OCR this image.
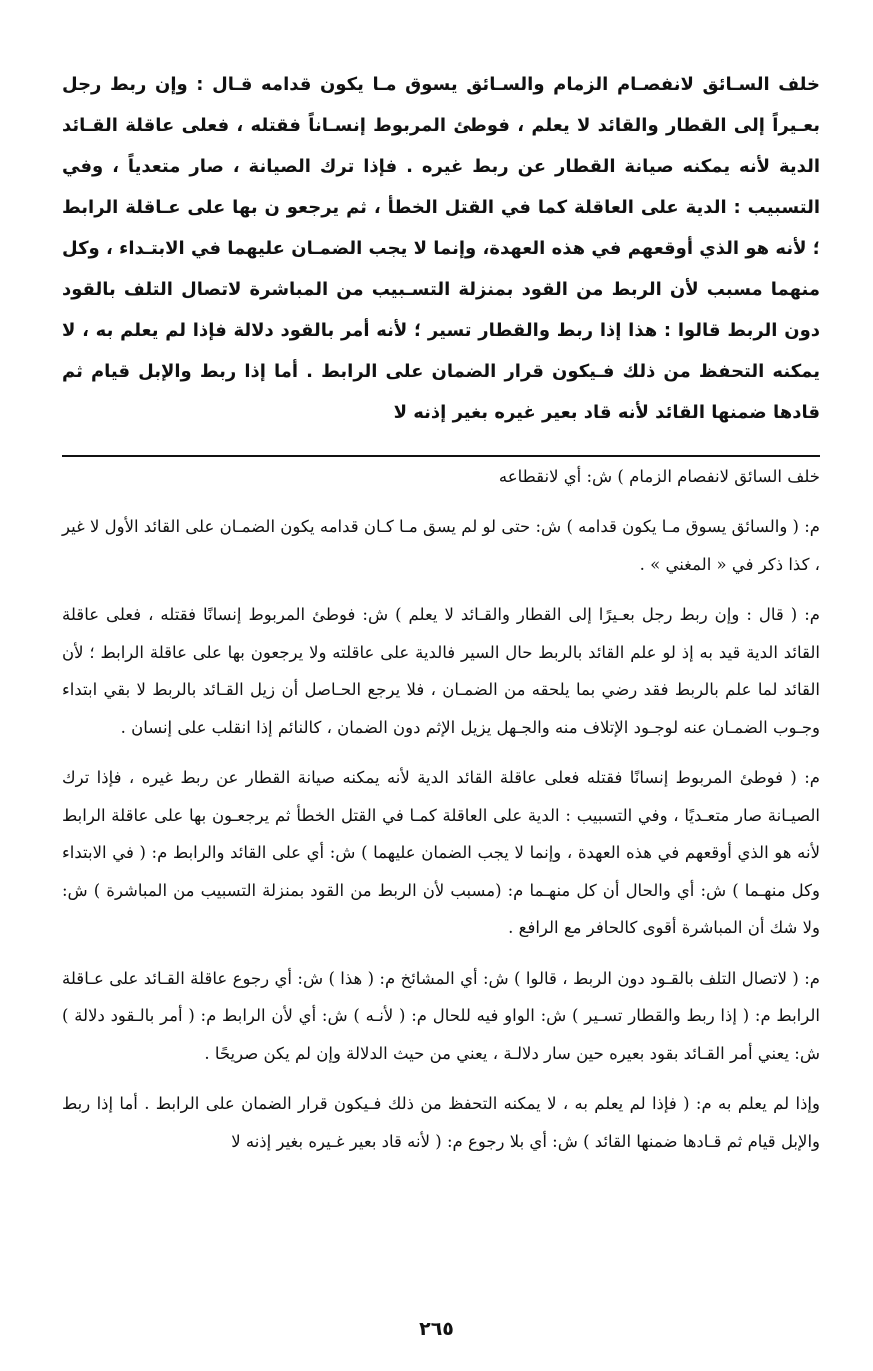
خلف السـائق لانفصـام الزمام والسـائق يسوق مـا يكون قدامه قـال : وإن ربط رجل بعـيراً إلى القطار والقائد لا يعلم ، فوطئ المربوط إنسـاناً فقتله ، فعلى عاقلة القـائد الدية لأنه يمكنه صيانة القطار عن ربط غيره . فإذا ترك الصيانة ، صار متعدياً ، وفي التسبيب : الدية على العاقلة كما في القتل الخطأ ، ثم يرجعو ن بها على عـاقلة الرابط ؛ لأنه هو الذي أوقعهم في هذه العهدة، وإنما لا يجب الضمـان عليهما في الابتـداء ، وكل منهما مسبب لأن الربط من القود بمنزلة التسـبيب من المباشرة لاتصال التلف بالقود دون الربط قالوا : هذا إذا ربط والقطار تسير ؛ لأنه أمر بالقود دلالة فإذا لم يعلم به ، لا يمكنه التحفظ من ذلك فـيكون قرار الضمان على الرابط . أما إذا ربط والإبل قيام ثم قادها ضمنها القائد لأنه قاد بعير غيره بغير إذنه لا

خلف السائق لانفصام الزمام ) ش: أي لانقطاعه

م: ( والسائق يسوق مـا يكون قدامه ) ش: حتى لو لم يسق مـا كـان قدامه يكون الضمـان على القائد الأول لا غير ، كذا ذكر في « المغني » .

م: ( قال : وإن ربط رجل بعـيرًا إلى القطار والقـائد لا يعلم ) ش: فوطئ المربوط إنسانًا فقتله ، فعلى عاقلة القائد الدية قيد به إذ لو علم القائد بالربط حال السير فالدية على عاقلته ولا يرجعون بها على عاقلة الرابط ؛ لأن القائد لما علم بالربط فقد رضي بما يلحقه من الضمـان ، فلا يرجع الحـاصل أن زيل القـائد بالربط لا بقي ابتداء وجـوب الضمـان عنه لوجـود الإتلاف منه والجـهل يزيل الإثم دون الضمان ، كالنائم إذا انقلب على إنسان .

م: ( فوطئ المربوط إنسانًا فقتله فعلى عاقلة القائد الدية لأنه يمكنه صيانة القطار عن ربط غيره ، فإذا ترك الصيـانة صار متعـديًا ، وفي التسبيب : الدية على العاقلة كمـا في القتل الخطأ ثم يرجعـون بها على عاقلة الرابط لأنه هو الذي أوقعهم في هذه العهدة ، وإنما لا يجب الضمان عليهما ) ش: أي على القائد والرابط م: ( في الابتداء وكل منهـما ) ش: أي والحال أن كل منهـما م: (مسبب لأن الربط من القود بمنزلة التسبيب من المباشرة ) ش: ولا شك أن المباشرة أقوى كالحافر مع الرافع .

م: ( لاتصال التلف بالقـود دون الربط ، قالوا ) ش: أي المشائخ م: ( هذا ) ش: أي رجوع عاقلة القـائد على عـاقلة الرابط م: ( إذا ربط والقطار تسـير ) ش: الواو فيه للحال م: ( لأنـه ) ش: أي لأن الرابط م: ( أمر بالـقود دلالة ) ش: يعني أمر القـائد بقود بعيره حين سار دلالـة ، يعني من حيث الدلالة وإن لم يكن صريحًا .

وإذا لم يعلم به م: ( فإذا لم يعلم به ، لا يمكنه التحفظ من ذلك فـيكون قرار الضمان على الرابط . أما إذا ربط والإبل قيام ثم قـادها ضمنها القائد ) ش: أي بلا رجوع م: ( لأنه قاد بعير غـيره بغير إذنه لا

٢٦٥
